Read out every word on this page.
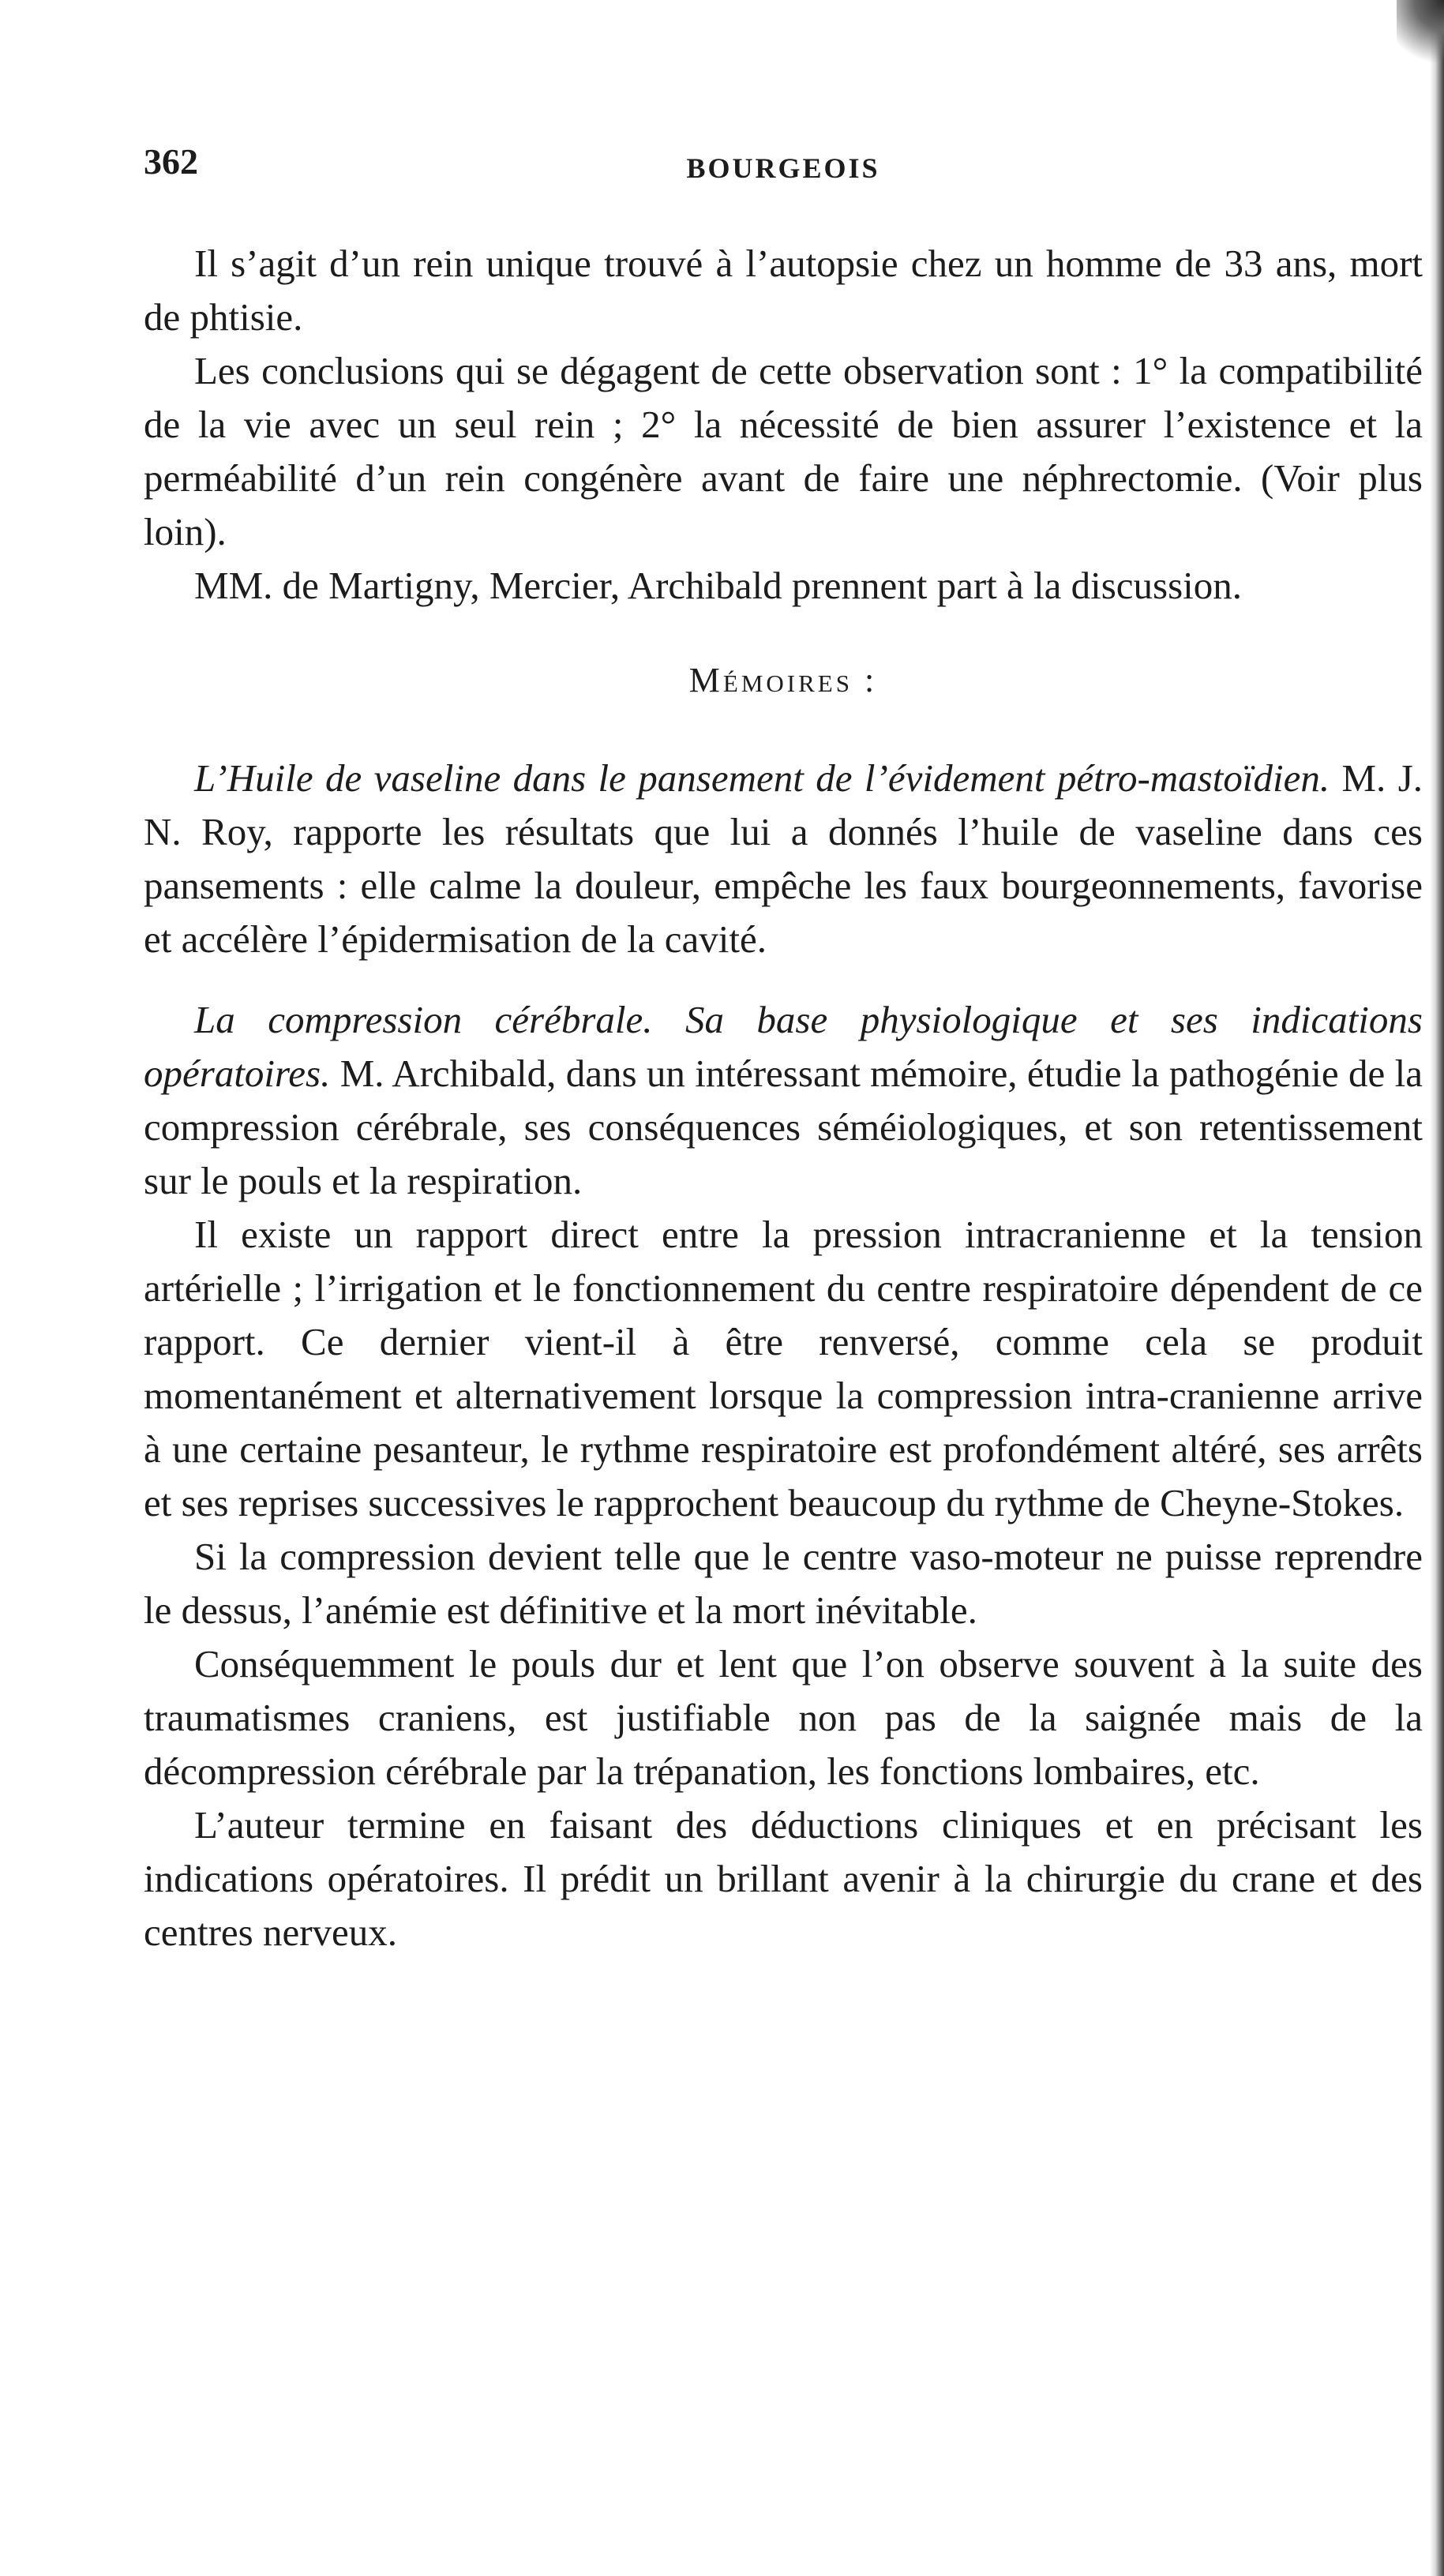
362	BOURGEOIS

Il s’agit d’un rein unique trouvé à l’autopsie chez un homme de 33 ans, mort de phtisie.

Les conclusions qui se dégagent de cette observation sont : 1° la compatibilité de la vie avec un seul rein ; 2° la nécessité de bien assurer l’existence et la perméabilité d’un rein congénère avant de faire une néphrectomie. (Voir plus loin).

MM. de Martigny, Mercier, Archibald prennent part à la discussion.

Mémoires :

L’Huile de vaseline dans le pansement de l’évidement pétro-mastoïdien. M. J. N. Roy, rapporte les résultats que lui a donnés l’huile de vaseline dans ces pansements : elle calme la douleur, empêche les faux bourgeonnements, favorise et accélère l’épidermisation de la cavité.

La compression cérébrale. Sa base physiologique et ses indications opératoires. M. Archibald, dans un intéressant mémoire, étudie la pathogénie de la compression cérébrale, ses conséquences séméiologiques, et son retentissement sur le pouls et la respiration.

Il existe un rapport direct entre la pression intracranienne et la tension artérielle ; l’irrigation et le fonctionnement du centre respiratoire dépendent de ce rapport. Ce dernier vient-il à être renversé, comme cela se produit momentanément et alternativement lorsque la compression intra-cranienne arrive à une certaine pesanteur, le rythme respiratoire est profondément altéré, ses arrêts et ses reprises successives le rapprochent beaucoup du rythme de Cheyne-Stokes.

Si la compression devient telle que le centre vaso-moteur ne puisse reprendre le dessus, l’anémie est définitive et la mort inévitable.

Conséquemment le pouls dur et lent que l’on observe souvent à la suite des traumatismes craniens, est justifiable non pas de la saignée mais de la décompression cérébrale par la trépanation, les fonctions lombaires, etc.

L’auteur termine en faisant des déductions cliniques et en précisant les indications opératoires. Il prédit un brillant avenir à la chirurgie du crane et des centres nerveux.
